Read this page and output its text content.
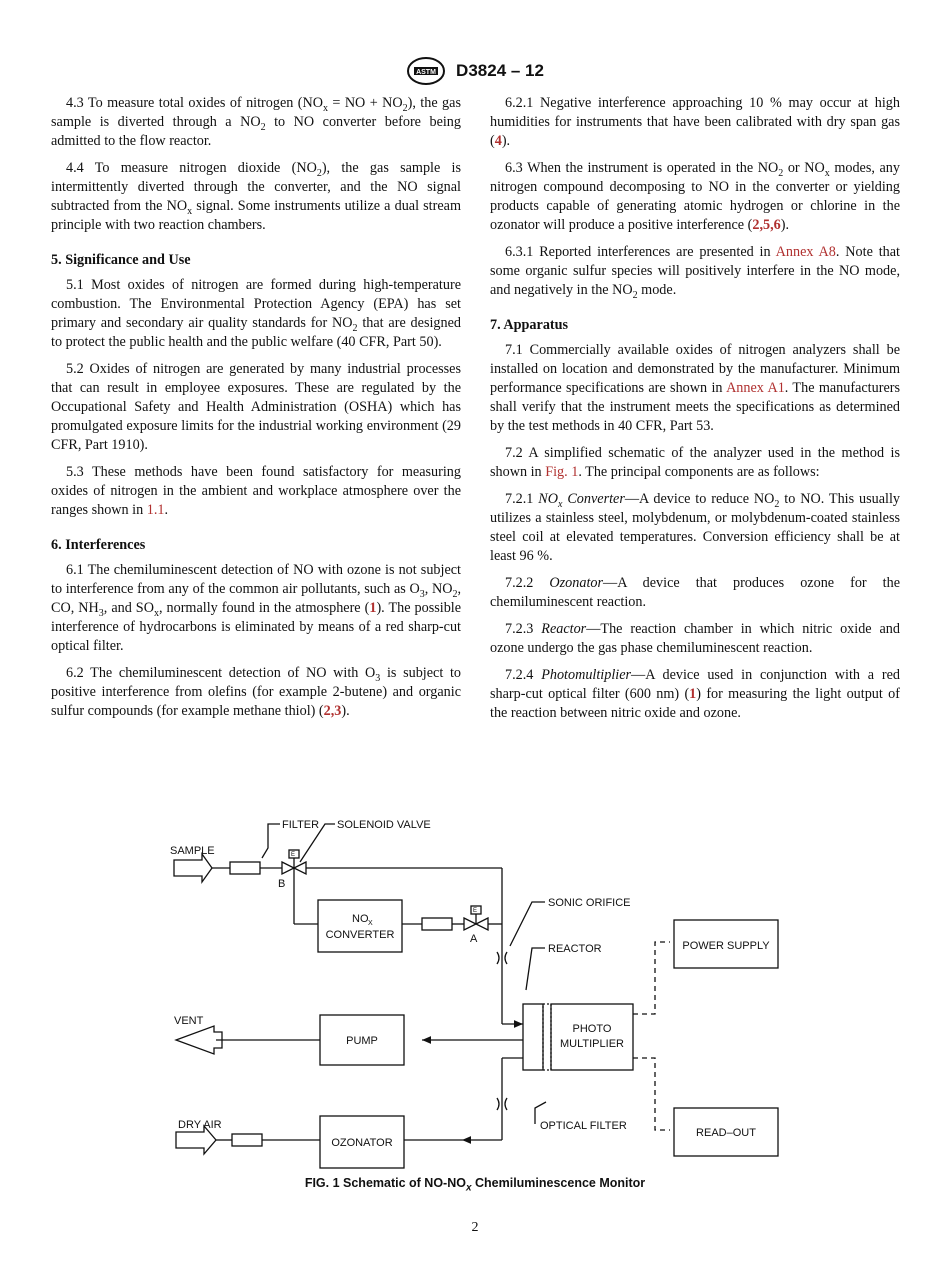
ASTM D3824 – 12

4.3 To measure total oxides of nitrogen ($NO_x$ = NO + $NO_2$), the gas sample is diverted through a $NO_2$ to NO converter before being admitted to the flow reactor.

4.4 To measure nitrogen dioxide $(NO_2)$, the gas sample is intermittently diverted through the converter, and the NO signal subtracted from the $NO_x$ signal. Some instruments utilize a dual stream principle with two reaction chambers.

5. Significance and Use

5.1 Most oxides of nitrogen are formed during high-temperature combustion. The Environmental Protection Agency (EPA) has set primary and secondary air quality standards for $NO_2$ that are designed to protect the public health and the public welfare (40 CFR, Part 50).

5.2 Oxides of nitrogen are generated by many industrial processes that can result in employee exposures. These are regulated by the Occupational Safety and Health Administration (OSHA) which has promulgated exposure limits for the industrial working environment (29 CFR, Part 1910).

5.3 These methods have been found satisfactory for measuring oxides of nitrogen in the ambient and workplace atmosphere over the ranges shown in 1.1.

6. Interferences

6.1 The chemiluminescent detection of NO with ozone is not subject to interference from any of the common air pollutants, such as $O_3$, $NO_2$, CO, $NH_3$, and $SO_x$, normally found in the atmosphere (1). The possible interference of hydrocarbons is eliminated by means of a red sharp-cut optical filter.

6.2 The chemiluminescent detection of NO with $O_3$ is subject to positive interference from olefins (for example 2-butene) and organic sulfur compounds (for example methane thiol) (2,3).

6.2.1 Negative interference approaching 10 % may occur at high humidities for instruments that have been calibrated with dry span gas (4).

6.3 When the instrument is operated in the $NO_2$ or $NO_x$ modes, any nitrogen compound decomposing to NO in the converter or yielding products capable of generating atomic hydrogen or chlorine in the ozonator will produce a positive interference (2,5,6).

6.3.1 Reported interferences are presented in Annex A8. Note that some organic sulfur species will positively interfere in the NO mode, and negatively in the $NO_2$ mode.

7. Apparatus

7.1 Commercially available oxides of nitrogen analyzers shall be installed on location and demonstrated by the manufacturer. Minimum performance specifications are shown in Annex A1. The manufacturers shall verify that the instrument meets the specifications as determined by the test methods in 40 CFR, Part 53.

7.2 A simplified schematic of the analyzer used in the method is shown in Fig. 1. The principal components are as follows:

7.2.1 $NO_x$ Converter—A device to reduce $NO_2$ to NO. This usually utilizes a stainless steel, molybdenum, or molybdenum-coated stainless steel coil at elevated temperatures. Conversion efficiency shall be at least 96 %.

7.2.2 Ozonator—A device that produces ozone for the chemiluminescent reaction.

7.2.3 Reactor—The reaction chamber in which nitric oxide and ozone undergo the gas phase chemiluminescent reaction.

7.2.4 Photomultiplier—A device used in conjunction with a red sharp-cut optical filter (600 nm) (1) for measuring the light output of the reaction between nitric oxide and ozone.

FILTER SOLENOID VALVE
SAMPLE
B
A
E
E
NO X
CONVERTER
SONIC ORIFICE
REACTOR	POWER SUPPLY
VENT
PUMP
PHOTO
MULTIPLIER
DRY AIR
OZONATOR
OPTICAL FILTER
READ–OUT
FIG. 1 Schematic of $NO-NO_x$ Chemiluminescence Monitor
2
